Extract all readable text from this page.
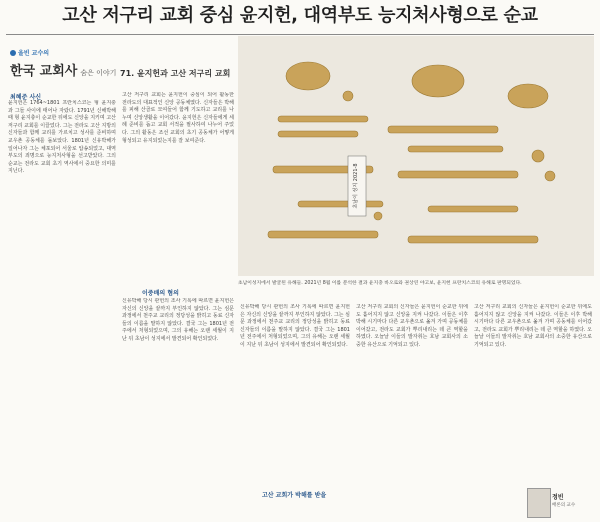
고산 저구리 교회 중심 윤지헌, 대역부도 능지처사형으로 순교
올빈 교수의
한국 교회사 숨은 이야기 71. 윤지헌과 고산 저구리 교회
최혜준 사신
윤지헌은 1764~1801 프란치스코는 형 윤지충과 그들 사이에 태어나 자랐다. 1791년 신해박해 때 형 윤지충이 순교한 뒤에도 신앙을 지키며 고산 저구리 교회를 이끌었다. 그는 전라도 고산 지방의 신자들과 함께 교리를 가르치고 성사를 준비하며 교우촌 공동체를 돌보았다. 1801년 신유박해가 일어나자 그는 체포되어 서울로 압송되었고, 대역부도의 죄명으로 능지처사형을 선고받았다. 그의 순교는 전라도 교회 초기 역사에서 중요한 의미를 지닌다.
고산 저구리 교회는 윤지헌이 중심이 되어 활동한 전라도의 대표적인 신앙 공동체였다. 신자들은 박해를 피해 산골로 모여들어 함께 기도하고 교리를 나누며 신앙생활을 이어갔다. 윤지헌은 신자들에게 세례 준비를 돕고 교회 서적을 필사하여 나누어 주었다. 그의 활동은 조선 교회의 초기 공동체가 어떻게 형성되고 유지되었는지를 잘 보여준다.
이중배의 혐의
신유박해 당시 관헌의 조사 기록에 따르면 윤지헌은 자신의 신앙을 끝까지 부인하지 않았다. 그는 심문 과정에서 천주교 교리의 정당성을 밝히고 동료 신자들의 이름을 말하지 않았다. 결국 그는 1801년 전주에서 처형되었으며, 그의 유해는 오랜 세월이 지난 뒤 초남이 성지에서 발견되어 확인되었다.
초남이 성지 2021-8
초남이성지에서 발굴된 유해들. 2021년 8월 이를 분석한 결과 윤지충 바오로와 권상연 야고보, 윤지헌 프란치스코의 유해로 판명되었다.
신유박해 당시 관헌의 조사 기록에 따르면 윤지헌은 자신의 신앙을 끝까지 부인하지 않았다. 그는 심문 과정에서 천주교 교리의 정당성을 밝히고 동료 신자들의 이름을 말하지 않았다. 결국 그는 1801년 전주에서 처형되었으며, 그의 유해는 오랜 세월이 지난 뒤 초남이 성지에서 발견되어 확인되었다.
고산 교회가 박해를 받을
고산 저구리 교회의 신자들은 윤지헌이 순교한 뒤에도 흩어지지 않고 신앙을 지켜 나갔다. 이들은 이후 박해 시기마다 다른 교우촌으로 옮겨 가며 공동체를 이어갔고, 전라도 교회가 뿌리내리는 데 큰 역할을 하였다. 오늘날 이들의 발자취는 호남 교회사의 소중한 유산으로 기억되고 있다.
고산 저구리 교회의 신자들은 윤지헌이 순교한 뒤에도 흩어지지 않고 신앙을 지켜 나갔다. 이들은 이후 박해 시기마다 다른 교우촌으로 옮겨 가며 공동체를 이어갔고, 전라도 교회가 뿌리내리는 데 큰 역할을 하였다. 오늘날 이들의 발자취는 호남 교회사의 소중한 유산으로 기억되고 있다.
정빈
배론의 교수
